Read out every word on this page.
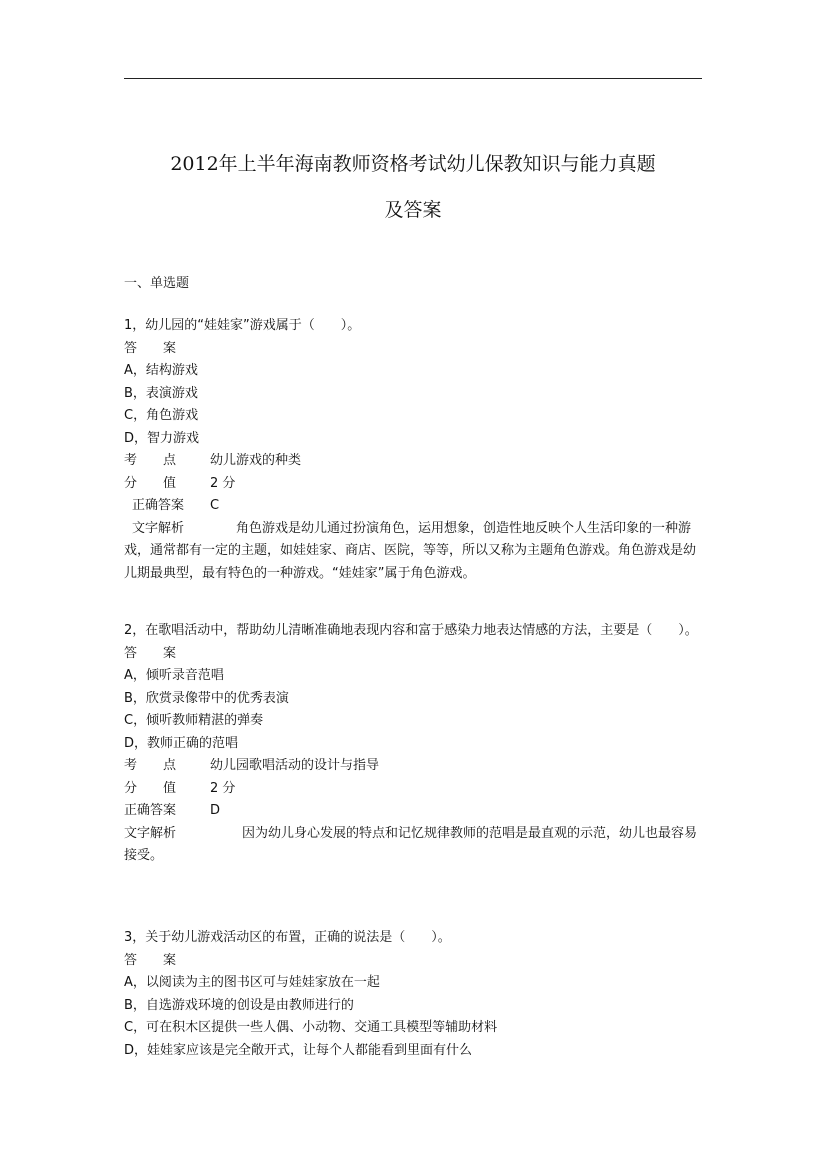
2012年上半年海南教师资格考试幼儿保教知识与能力真题
及答案
一、单选题
1，幼儿园的“娃娃家”游戏属于（　　）。
答　　案
A，结构游戏
B，表演游戏
C，角色游戏
D，智力游戏
考　　点	幼儿游戏的种类
分　　值	2 分
正确答案 C
文字解析	角色游戏是幼儿通过扮演角色，运用想象，创造性地反映个人生活印象的一种游戏，通常都有一定的主题，如娃娃家、商店、医院，等等，所以又称为主题角色游戏。角色游戏是幼儿期最典型，最有特色的一种游戏。“娃娃家”属于角色游戏。
2，在歌唱活动中，帮助幼儿清晰准确地表现内容和富于感染力地表达情感的方法，主要是（　　）。
答　　案
A，倾听录音范唱
B，欣赏录像带中的优秀表演
C，倾听教师精湛的弹奏
D，教师正确的范唱
考　　点	幼儿园歌唱活动的设计与指导
分　　值	2 分
正确答案	D
文字解析	因为幼儿身心发展的特点和记忆规律教师的范唱是最直观的示范，幼儿也最容易接受。
3，关于幼儿游戏活动区的布置，正确的说法是（　　）。
答　　案
A，以阅读为主的图书区可与娃娃家放在一起
B，自选游戏环境的创设是由教师进行的
C，可在积木区提供一些人偶、小动物、交通工具模型等辅助材料
D，娃娃家应该是完全敞开式，让每个人都能看到里面有什么
